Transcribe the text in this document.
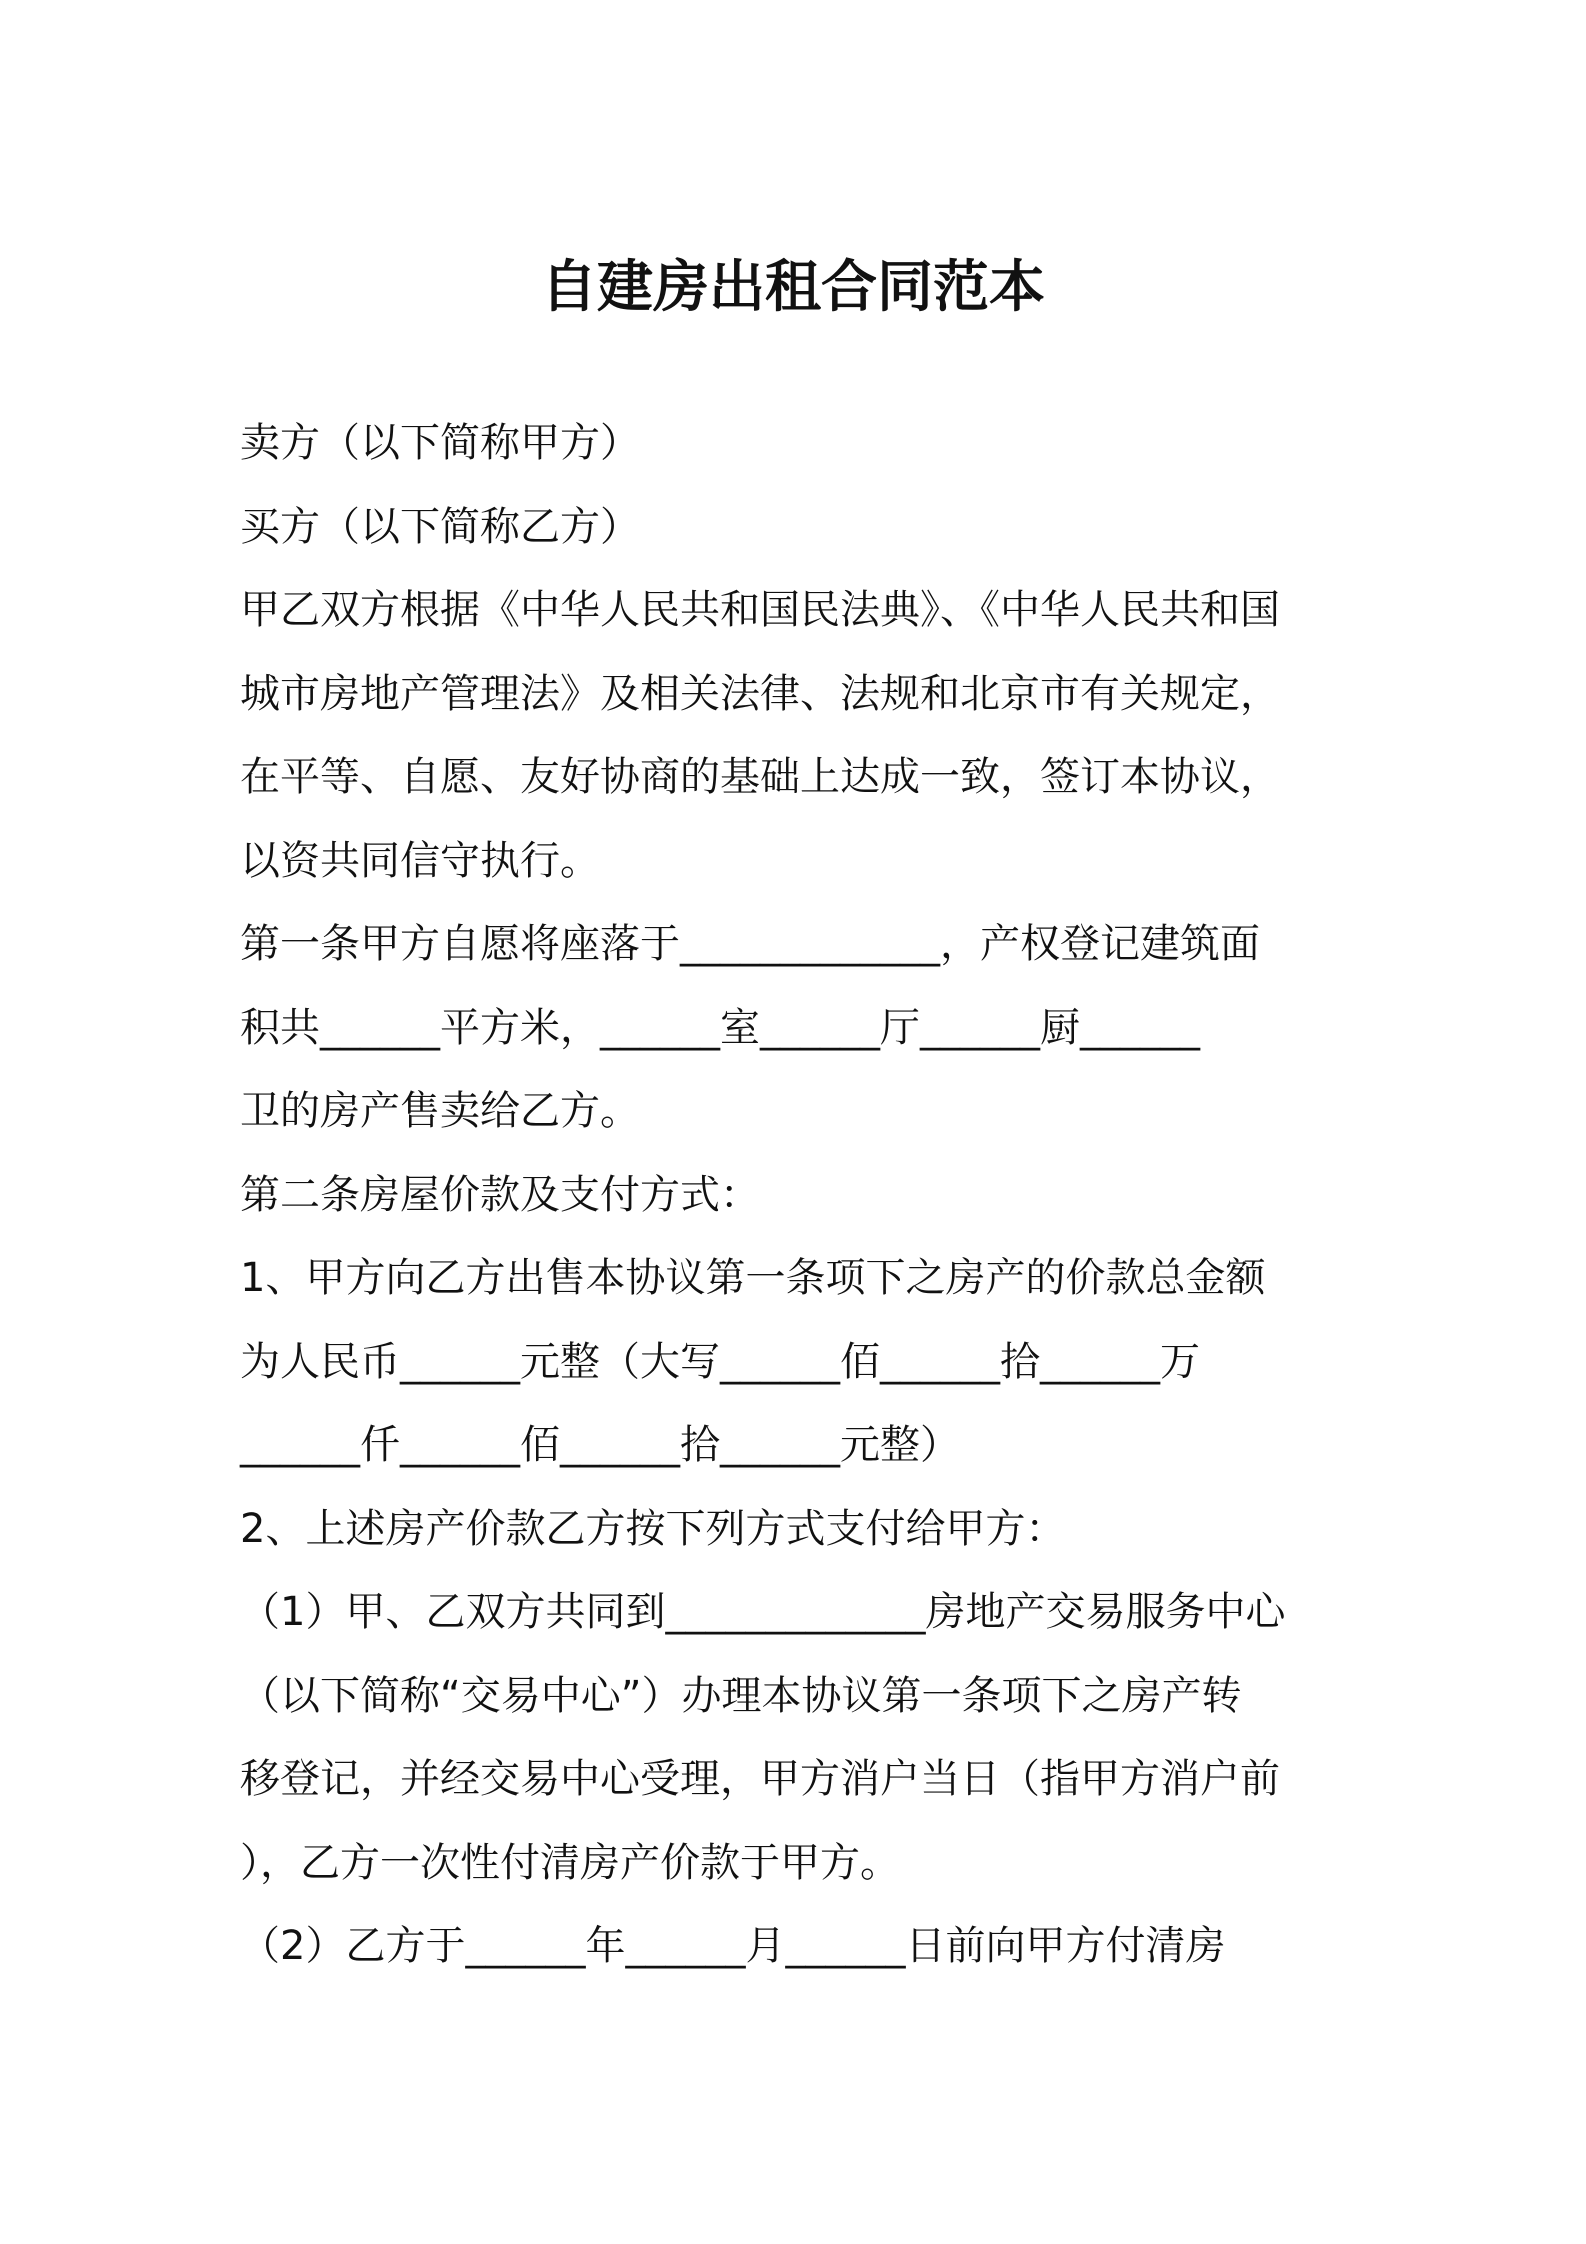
自建房出租合同范本
卖方（以下简称甲方）
买方（以下简称乙方）
甲乙双方根据《中华人民共和国民法典》、《中华人民共和国
城市房地产管理法》及相关法律、法规和北京市有关规定，
在平等、自愿、友好协商的基础上达成一致，签订本协议，
以资共同信守执行。
第一条甲方自愿将座落于_____________，产权登记建筑面
积共______平方米，______室______厅______厨______
卫的房产售卖给乙方。
第二条房屋价款及支付方式：
1、甲方向乙方出售本协议第一条项下之房产的价款总金额
为人民币______元整（大写______佰______拾______万
______仟______佰______拾______元整）
2、上述房产价款乙方按下列方式支付给甲方：
（1）甲、乙双方共同到_____________房地产交易服务中心
（以下简称“交易中心”）办理本协议第一条项下之房产转
移登记，并经交易中心受理，甲方消户当日（指甲方消户前
），乙方一次性付清房产价款于甲方。
（2）乙方于______年______月______日前向甲方付清房
